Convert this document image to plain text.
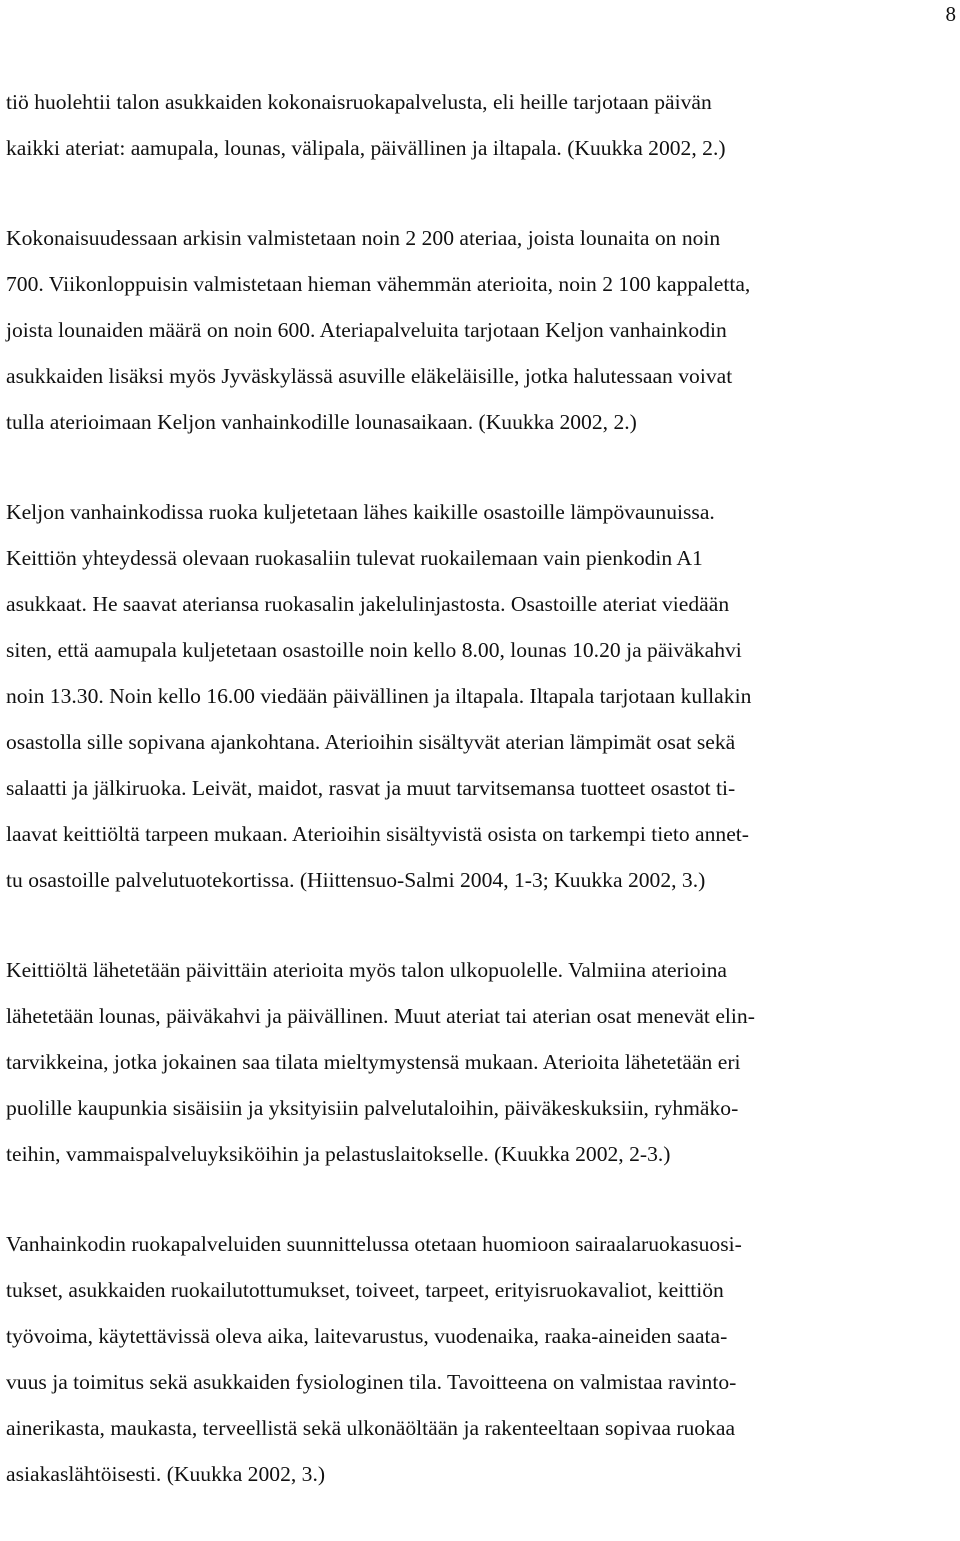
8

tiö huolehtii talon asukkaiden kokonaisruokapalvelusta, eli heille tarjotaan päivän
kaikki ateriat: aamupala, lounas, välipala, päivällinen ja iltapala. (Kuukka 2002, 2.)

Kokonaisuudessaan arkisin valmistetaan noin 2 200 ateriaa, joista lounaita on noin
700. Viikonloppuisin valmistetaan hieman vähemmän aterioita, noin 2 100 kappaletta,
joista lounaiden määrä on noin 600. Ateriapalveluita tarjotaan Keljon vanhainkodin
asukkaiden lisäksi myös Jyväskylässä asuville eläkeläisille, jotka halutessaan voivat
tulla aterioimaan Keljon vanhainkodille lounasaikaan. (Kuukka 2002, 2.)

Keljon vanhainkodissa ruoka kuljetetaan lähes kaikille osastoille lämpövaunuissa.
Keittiön yhteydessä olevaan ruokasaliin tulevat ruokailemaan vain pienkodin A1
asukkaat. He saavat ateriansa ruokasalin jakelulinjastosta. Osastoille ateriat viedään
siten, että aamupala kuljetetaan osastoille noin kello 8.00, lounas 10.20 ja päiväkahvi
noin 13.30. Noin kello 16.00 viedään päivällinen ja iltapala. Iltapala tarjotaan kullakin
osastolla sille sopivana ajankohtana. Aterioihin sisältyvät aterian lämpimät osat sekä
salaatti ja jälkiruoka. Leivät, maidot, rasvat ja muut tarvitsemansa tuotteet osastot ti-
laavat keittiöltä tarpeen mukaan. Aterioihin sisältyvistä osista on tarkempi tieto annet-
tu osastoille palvelutuotekortissa. (Hiittensuo-Salmi 2004, 1-3; Kuukka 2002, 3.)

Keittiöltä lähetetään päivittäin aterioita myös talon ulkopuolelle. Valmiina aterioina
lähetetään lounas, päiväkahvi ja päivällinen. Muut ateriat tai aterian osat menevät elin-
tarvikkeina, jotka jokainen saa tilata mieltymystensä mukaan. Aterioita lähetetään eri
puolille kaupunkia sisäisiin ja yksityisiin palvelutaloihin, päiväkeskuksiin, ryhmäko-
teihin, vammaispalveluyksiköihin ja pelastuslaitokselle. (Kuukka 2002, 2-3.)

Vanhainkodin ruokapalveluiden suunnittelussa otetaan huomioon sairaalaruokasuosi-
tukset, asukkaiden ruokailutottumukset, toiveet, tarpeet, erityisruokavaliot, keittiön
työvoima, käytettävissä oleva aika, laitevarustus, vuodenaika, raaka-aineiden saata-
vuus ja toimitus sekä asukkaiden fysiologinen tila. Tavoitteena on valmistaa ravinto-
ainerikasta, maukasta, terveellistä sekä ulkonäöltään ja rakenteeltaan sopivaa ruokaa
asiakaslähtöisesti. (Kuukka 2002, 3.)
